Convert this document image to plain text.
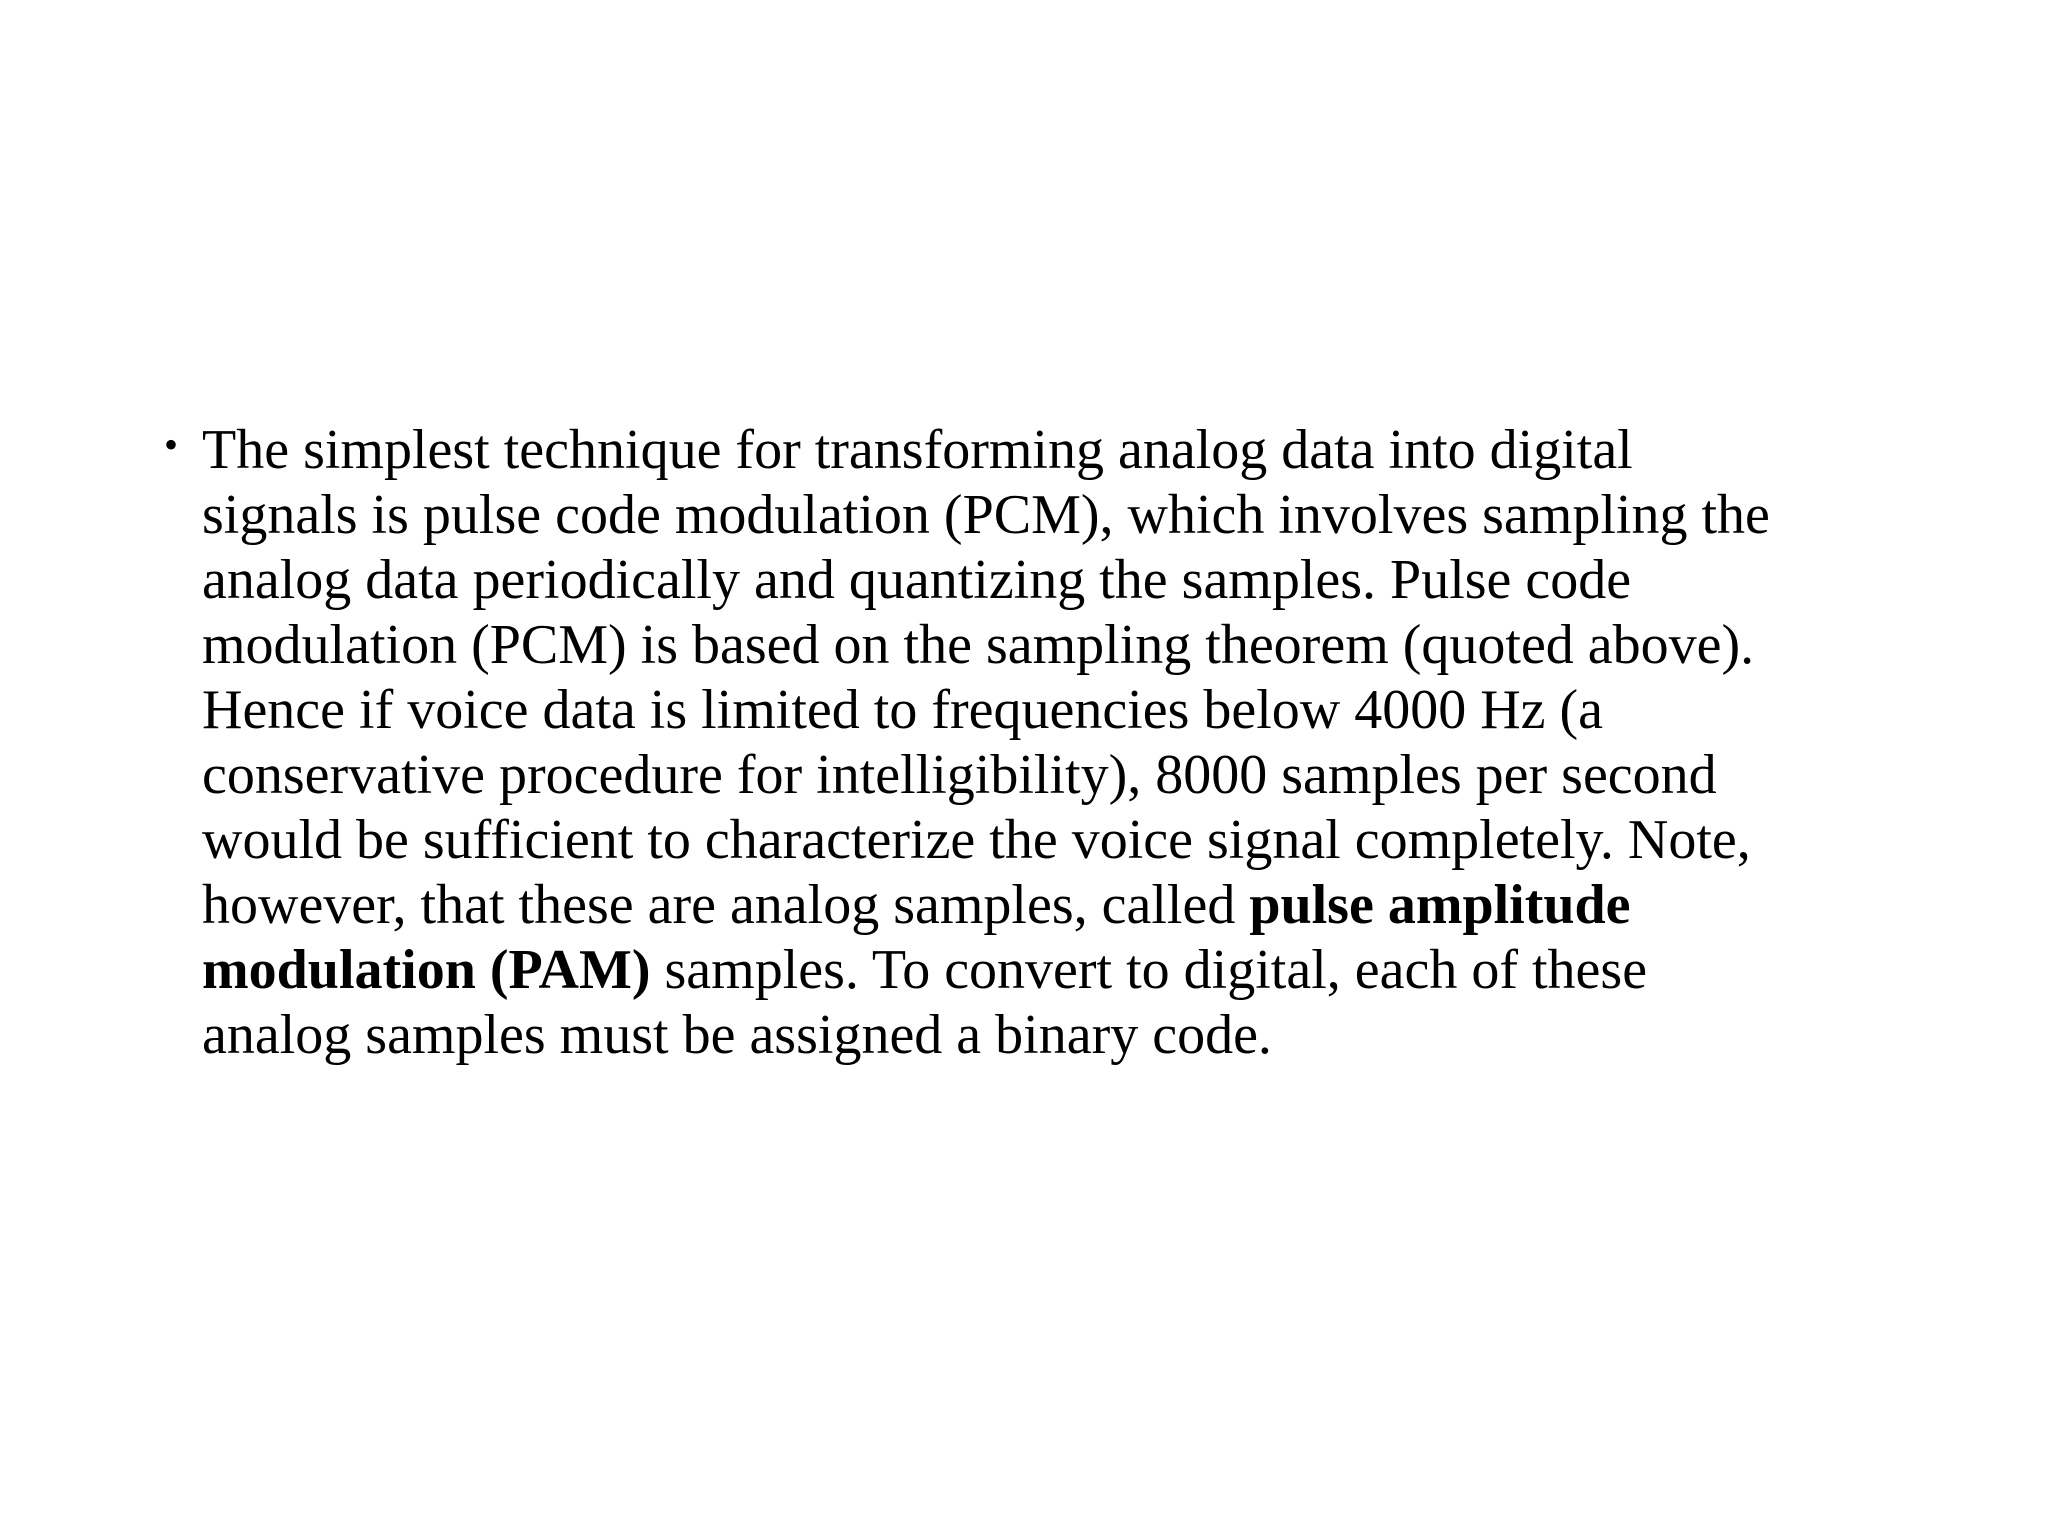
• The simplest technique for transforming analog data into digital
signals is pulse code modulation (PCM), which involves sampling the
analog data periodically and quantizing the samples. Pulse code
modulation (PCM) is based on the sampling theorem (quoted above).
Hence if voice data is limited to frequencies below 4000 Hz (a
conservative procedure for intelligibility), 8000 samples per second
would be sufficient to characterize the voice signal completely. Note,
however, that these are analog samples, called pulse amplitude
modulation (PAM) samples. To convert to digital, each of these
analog samples must be assigned a binary code.
